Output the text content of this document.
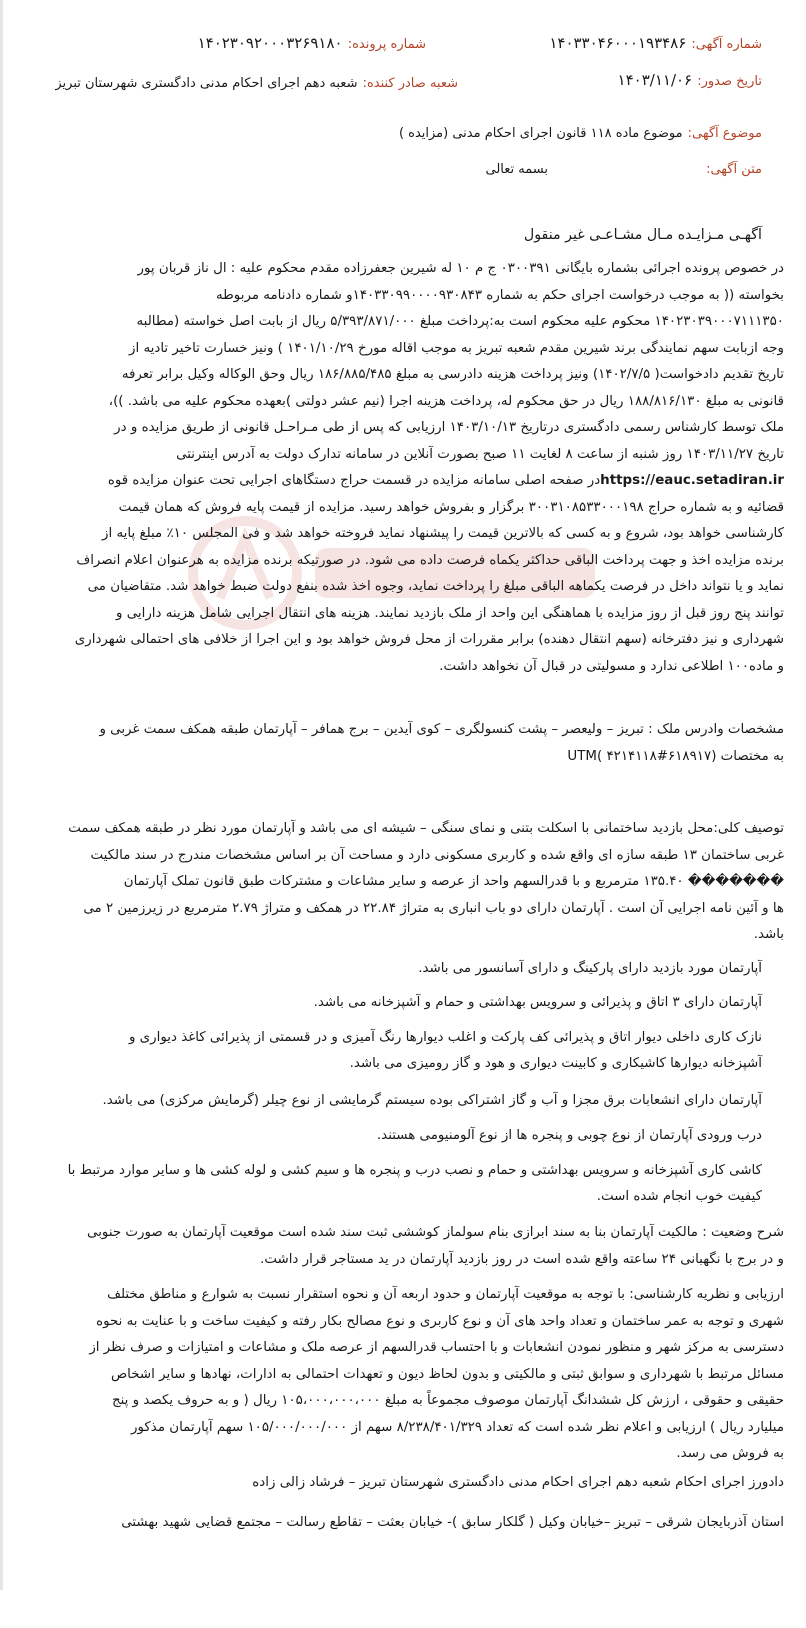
شماره آگهی: ۱۴۰۳۳۰۴۶۰۰۰۱۹۳۴۸۶
شماره پرونده: ۱۴۰۲۳۰۹۲۰۰۰۳۲۶۹۱۸۰
تاریخ صدور: ۱۴۰۳/۱۱/۰۶
شعبه صادر کننده: شعبه دهم اجرای احکام مدنی دادگستری شهرستان تبریز
موضوع آگهی: موضوع ماده ۱۱۸ قانون اجرای احکام مدنی (مزایده )
متن آگهی:
بسمه تعالی
آگهـی مـزایـده مـال مشـاعـی غیر منقول
در خصوص پرونده اجرائی بشماره بایگانی ۰۳۰۰۳۹۱ ج م ۱۰ له شیرین جعفرزاده مقدم محکوم علیه : ال ناز قربان پور
بخواسته (( به موجب درخواست اجرای حکم به شماره ۱۴۰۳۳۰۹۹۰۰۰۰۹۳۰۸۴۳و شماره دادنامه مربوطه
۱۴۰۲۳۰۳۹۰۰۰۷۱۱۱۳۵۰ محکوم علیه محکوم است به:پرداخت مبلغ ۵/۳۹۳/۸۷۱/۰۰۰ ریال از بابت اصل خواسته (مطالبه
وجه ازبابت سهم نمایندگی برند شیرین مقدم شعبه تبریز به موجب اقاله مورخ ۱۴۰۱/۱۰/۲۹ ) ونیز خسارت تاخیر تادیه از
تاریخ تقدیم دادخواست( ۱۴۰۲/۷/۵) ونیز پرداخت هزینه دادرسی به مبلغ ۱۸۶/۸۸۵/۴۸۵ ریال وحق الوکاله وکیل برابر تعرفه
قانونی به مبلغ ۱۸۸/۸۱۶/۱۳۰ ریال در حق محکوم له، پرداخت هزینه اجرا (نیم عشر دولتی )بعهده محکوم علیه می باشد. ))،
ملک توسط کارشناس رسمی دادگستری درتاریخ ۱۴۰۳/۱۰/۱۳ ارزیابی که پس از طی مـراحـل قانونی از طریق مزایده و در
تاریخ ۱۴۰۳/۱۱/۲۷ روز شنبه از ساعت ۸ لغایت ۱۱ صبح بصورت آنلاین در سامانه تدارک دولت به آدرس اینترنتی
https://eauc.setadiran.irدر صفحه اصلی سامانه مزایده در قسمت حراج دستگاهای اجرایی تحت عنوان مزایده قوه
قضائیه و به شماره حراج ۳۰۰۳۱۰۸۵۳۳۰۰۰۱۹۸ برگزار و بفروش خواهد رسید. مزایده از قیمت پایه فروش که همان قیمت
کارشناسی خواهد بود، شروع و به کسی که بالاترین قیمت را پیشنهاد نماید فروخته خواهد شد و فی المجلس ۱۰٪ مبلغ پایه از
برنده مزایده اخذ و جهت پرداخت الباقی حداکثر یکماه فرصت داده می شود. در صورتیکه برنده مزایده به هرعنوان اعلام انصراف
نماید و یا نتواند داخل در فرصت یکماهه الباقی مبلغ را پرداخت نماید، وجوه اخذ شده بنفع دولت ضبط خواهد شد. متقاضیان می
توانند پنج روز قبل از روز مزایده با هماهنگی این واحد از ملک بازدید نمایند. هزینه های انتقال اجرایی شامل هزینه دارایی و
شهرداری و نیز دفترخانه (سهم انتقال دهنده) برابر مقررات از محل فروش خواهد بود و این اجرا از خلافی های احتمالی شهرداری
و ماده۱۰۰ اطلاعی ندارد و مسولیتی در قبال آن نخواهد داشت.
مشخصات وادرس ملک : تبریز – ولیعصر – پشت کنسولگری – کوی آیدین – برج همافر – آپارتمان طبقه همکف سمت غربی و
به مختصات (۶۱۸۹۱۷#۴۲۱۴۱۱۸ )UTM
توصیف کلی:محل بازدید ساختمانی با اسکلت بتنی و نمای سنگی – شیشه ای می باشد و آپارتمان مورد نظر در طبقه همکف سمت
غربی ساختمان ۱۳ طبقه سازه ای واقع شده و کاربری مسکونی دارد و مساحت آن بر اساس مشخصات مندرج در سند مالکیت
������� ۱۳۵.۴۰ مترمربع و با قدرالسهم واحد از عرصه و سایر مشاعات و مشترکات طبق قانون تملک آپارتمان
ها و آئین نامه اجرایی آن است . آپارتمان دارای دو باب انباری به متراژ ۲۲.۸۴ در همکف و متراژ ۲.۷۹ مترمربع در زیرزمین ۲ می
باشد.
آپارتمان مورد بازدید دارای پارکینگ و دارای آسانسور می باشد.
آپارتمان دارای ۳ اتاق و پذیرائی و سرویس بهداشتی و حمام و آشپزخانه می باشد.
نازک کاری داخلی دیوار اتاق و پذیرائی کف پارکت و اغلب دیوارها رنگ آمیزی و در قسمتی از پذیرائی کاغذ دیواری و
آشپزخانه دیوارها کاشیکاری و کابینت دیواری و هود و گاز رومیزی می باشد.
آپارتمان دارای انشعابات برق مجزا و آب و گاز اشتراکی بوده سیستم گرمایشی از نوع چیلر (گرمایش مرکزی) می باشد.
درب ورودی آپارتمان از نوع چوبی و پنجره ها از نوع آلومنیومی هستند.
کاشی کاری آشپزخانه و سرویس بهداشتی و حمام و نصب درب و پنجره ها و سیم کشی و لوله کشی ها و سایر موارد مرتبط با
کیفیت خوب انجام شده است.
شرح وضعیت : مالکیت آپارتمان بنا به سند ابرازی بنام سولماز کوششی ثبت سند شده است موقعیت آپارتمان به صورت جنوبی
و در برج با نگهبانی ۲۴ ساعته واقع شده است در روز بازدید آپارتمان در ید مستاجر قرار داشت.
ارزیابی و نظریه کارشناسی: با توجه به موقعیت آپارتمان و حدود اربعه آن و نحوه استقرار نسبت به شوارع و مناطق مختلف
شهری و توجه به عمر ساختمان و تعداد واحد های آن و نوع کاربری و نوع مصالح بکار رفته و کیفیت ساخت و با عنایت به نحوه
دسترسی به مرکز شهر و منظور نمودن انشعابات و با احتساب قدرالسهم از عرصه ملک و مشاعات و امتیازات و صرف نظر از
مسائل مرتبط با شهرداری و سوابق ثبتی و مالکیتی و بدون لحاظ دیون و تعهدات احتمالی به ادارات، نهادها و سایر اشخاص
حقیقی و حقوقی ، ارزش کل ششدانگ آپارتمان موصوف مجموعاً به مبلغ ۱۰۵،۰۰۰،۰۰۰،۰۰۰ ریال ( و به حروف یکصد و پنج
میلیارد ریال ) ارزیابی و اعلام نظر شده است که تعداد ۸/۲۳۸/۴۰۱/۳۲۹ سهم از ۱۰۵/۰۰۰/۰۰۰/۰۰۰ سهم آپارتمان مذکور
به فروش می رسد.
دادورز اجرای احکام شعبه دهم اجرای احکام مدنی دادگستری شهرستان تبریز – فرشاد زالی زاده
استان آذربایجان شرقی – تبریز –خیابان وکیل ( گلکار سابق )- خیابان بعثت – تقاطع رسالت – مجتمع قضایی شهید بهشتی
